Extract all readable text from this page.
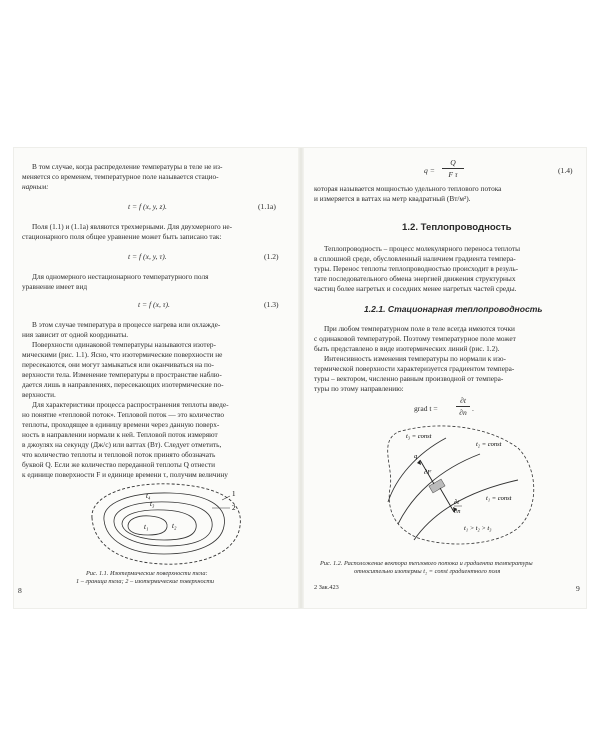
В том случае, когда распределение температуры в теле не из-
меняется со временем, температурное поле называется стацио-
нарным:
t = f (x, y, z).	(1.1а)
Поля (1.1) и (1.1а) являются трехмерными. Для двухмерного не-
стационарного поля общее уравнение может быть записано так:
t = f (x, y, τ).	(1.2)
Для одномерного нестационарного температурного поля
уравнение имеет вид
t = f (x, τ).	(1.3)
В этом случае температура в процессе нагрева или охлажде-
ния зависит от одной координаты.
Поверхности одинаковой температуры называются изотер-
мическими (рис. 1.1). Ясно, что изотермические поверхности не
пересекаются, они могут замыкаться или оканчиваться на по-
верхности тела. Изменение температуры в пространстве наблю-
дается лишь в направлениях, пересекающих изотермические по-
верхности.
Для характеристики процесса распространения теплоты введе-
но понятие «тепловой поток». Тепловой поток — это количество
теплоты, проходящее в единицу времени через данную поверх-
ность в направлении нормали к ней. Тепловой поток измеряют
в джоулях на секунду (Дж/с) или ваттах (Вт). Следует отметить,
что количество теплоты и тепловой поток принято обозначать
буквой Q. Если же количество переданной теплоты Q отнести
к единице поверхности F и единице времени τ, получим величину
1
2
t₄
t₃
t₂
t₁
Рис. 1.1. Изотермические поверхности тела:
1 – граница тела; 2 – изотермические поверхности
8
q =
Q
F τ	(1.4)
которая называется мощностью удельного теплового потока
и измеряется в ваттах на метр квадратный (Вт/м²).
1.2. Теплопроводность
Теплопроводность – процесс молекулярного переноса теплоты
в сплошной среде, обусловленный наличием градиента темпера-
туры. Перенос теплоты теплопроводностью происходит в резуль-
тате последовательного обмена энергией движения структурных
частиц более нагретых и соседних менее нагретых частей среды.
1.2.1. Стационарная теплопроводность
При любом температурном поле в теле всегда имеются точки
с одинаковой температурой. Поэтому температурное поле может
быть представлено в виде изотермических линий (рис. 1.2).
Интенсивность изменения температуры по нормали к изо-
термической поверхности характеризуется градиентом темпера-
туры – вектором, численно равным производной от темпера-
туры по этому направлению:
grad t =
∂t
∂n .
t₃ = const
t₂ = const
t₁ = const
q
∂F
∂t
∂n
t₁ > t₂ > t₃
Рис. 1.2. Расположение вектора теплового потока и градиента температуры
относительно изотермы t₂ = const градиентного поля
2 Зак.423	9
